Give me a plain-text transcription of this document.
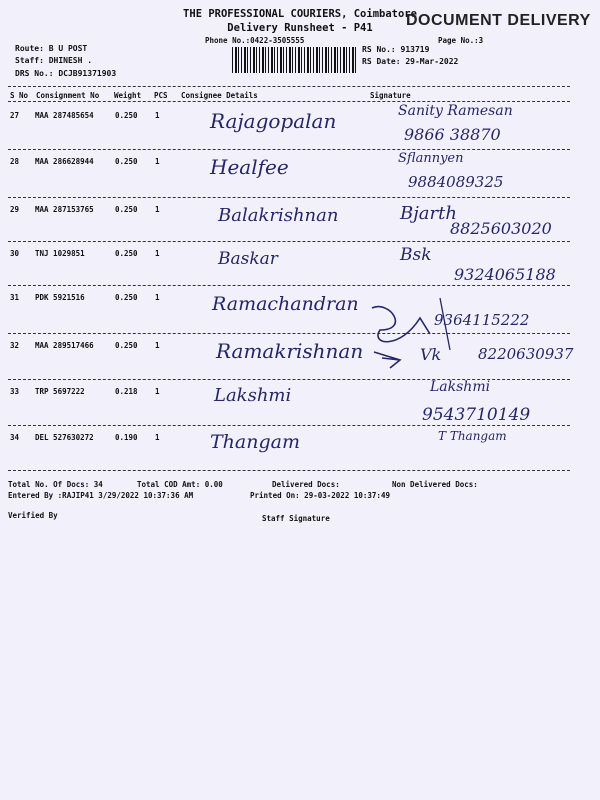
THE PROFESSIONAL COURIERS, Coimbatore
Delivery Runsheet - P41	DOCUMENT DELIVERY
Phone No.:0422-3505555	Page No.:3
Route: B U POST
Staff: DHINESH .
DRS No.: DCJB91371903
RS No.: 913719
RS Date: 29-Mar-2022
S No Consignment No Weight PCS Consignee Details	Signature
27 MAA 287485654	0.250 1	Rajagopalan	Sanity Ramesan
9866 38870
28 MAA 286628944	0.250 1	Healfee	Sflannyen
9884089325
29 MAA 287153765	0.250 1	Balakrishnan	Bjarth
8825603020
30 TNJ 1029851	0.250 1	Baskar	Bsk
9324065188
31 PDK 5921516	0.250 1	Ramachandran
9364115222
32 MAA 289517466	0.250 1	Ramakrishnan	Vk 8220630937
33 TRP 5697222	0.218 1	Lakshmi	Lakshmi
9543710149
34 DEL 527630272	0.190 1	Thangam	T Thangam
Total No. Of Docs: 34	Total COD Amt: 0.00	Delivered Docs:	Non Delivered Docs:
Entered By :RAJIP41 3/29/2022 10:37:36 AM	Printed On: 29-03-2022 10:37:49
Verified By	Staff Signature
